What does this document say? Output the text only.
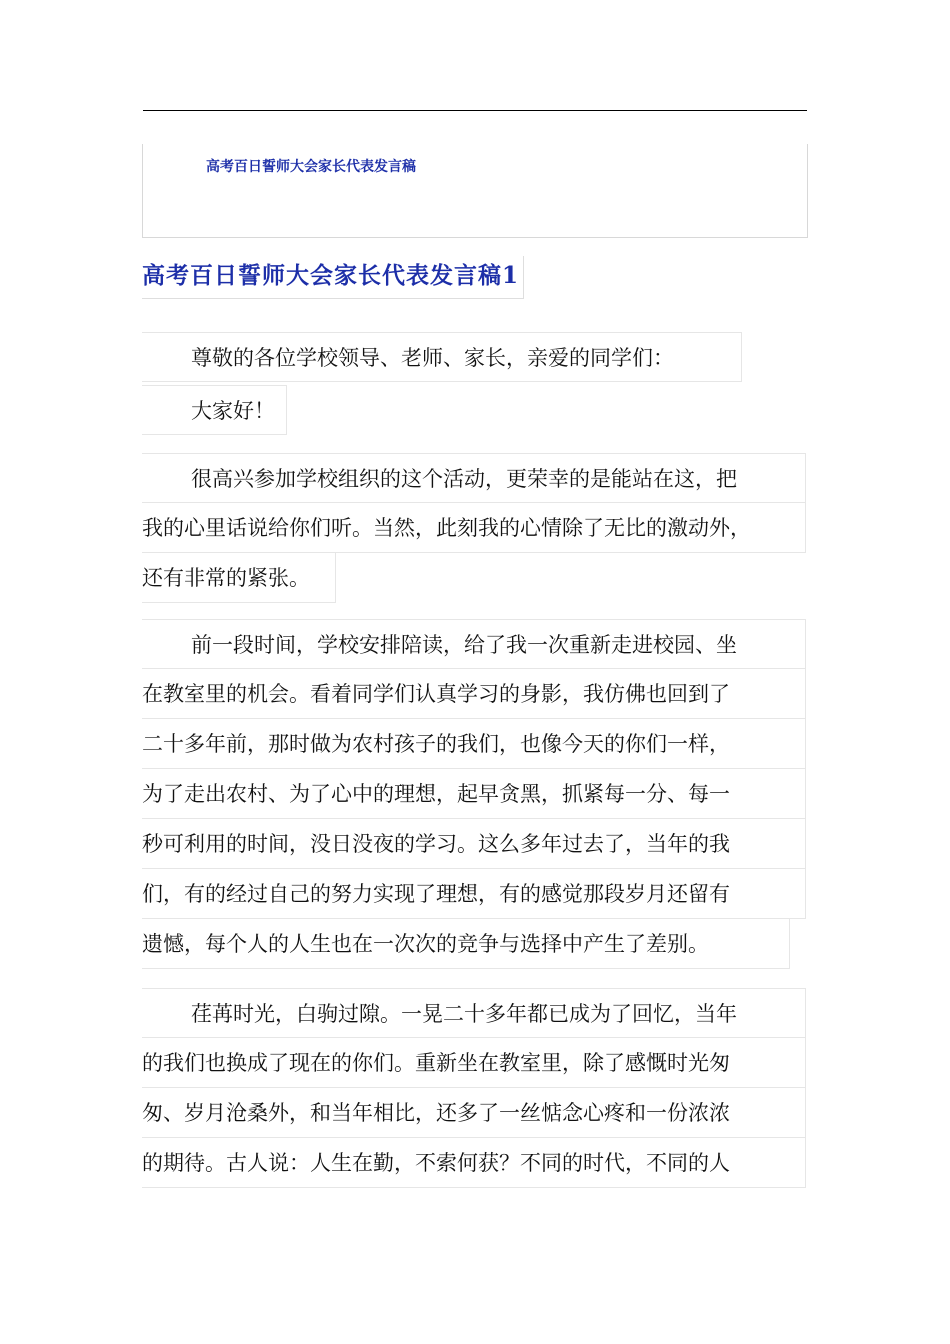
高考百日誓师大会家长代表发言稿
高考百日誓师大会家长代表发言稿1
尊敬的各位学校领导、老师、家长，亲爱的同学们：
大家好！
很高兴参加学校组织的这个活动，更荣幸的是能站在这，把
我的心里话说给你们听。当然，此刻我的心情除了无比的激动外，
还有非常的紧张。
前一段时间，学校安排陪读，给了我一次重新走进校园、坐
在教室里的机会。看着同学们认真学习的身影，我仿佛也回到了
二十多年前，那时做为农村孩子的我们，也像今天的你们一样，
为了走出农村、为了心中的理想，起早贪黑，抓紧每一分、每一
秒可利用的时间，没日没夜的学习。这么多年过去了，当年的我
们，有的经过自己的努力实现了理想，有的感觉那段岁月还留有
遗憾，每个人的人生也在一次次的竞争与选择中产生了差别。
荏苒时光，白驹过隙。一晃二十多年都已成为了回忆，当年
的我们也换成了现在的你们。重新坐在教室里，除了感慨时光匆
匆、岁月沧桑外，和当年相比，还多了一丝惦念心疼和一份浓浓
的期待。古人说：人生在勤，不索何获？不同的时代，不同的人
